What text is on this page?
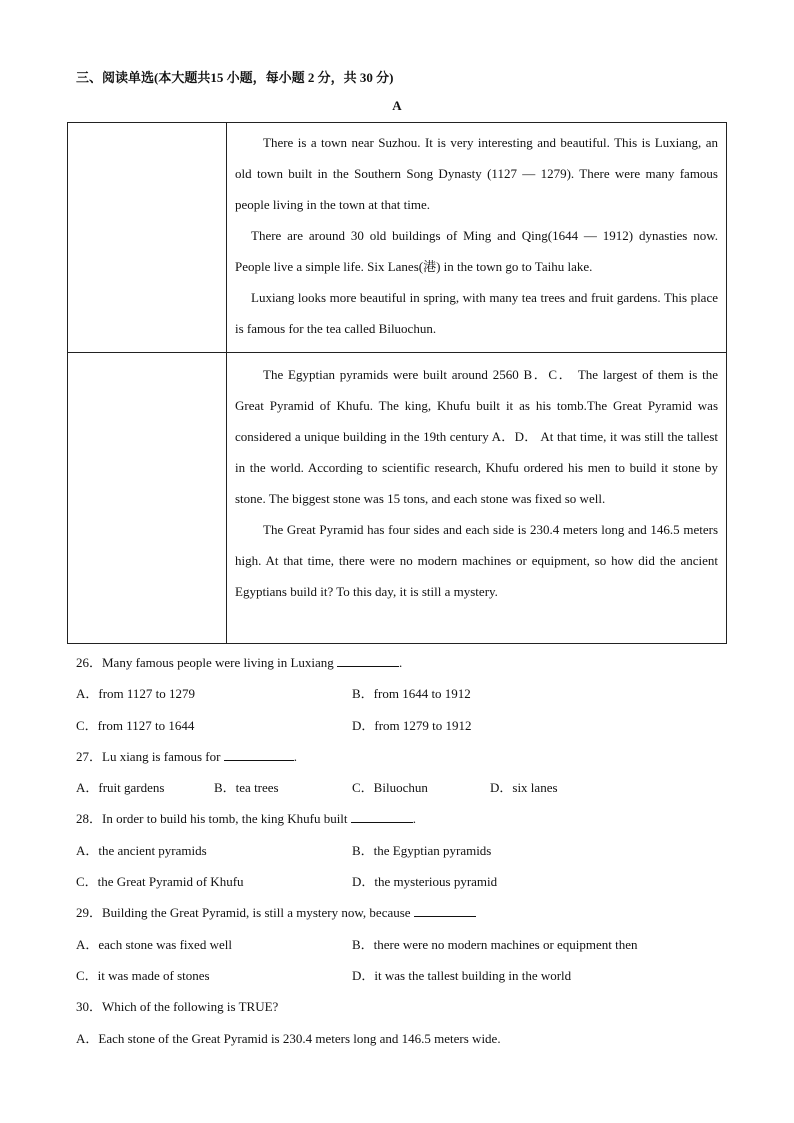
三、阅读单选(本大题共15 小题，每小题 2 分，共 30 分)
A

	There is a town near Suzhou. It is very interesting and beautiful. This is Luxiang, an old town built in the Southern Song Dynasty (1127 — 1279). There were many famous people living in the town at that time.

There are around 30 old buildings of Ming and Qing(1644 — 1912) dynasties now. People live a simple life. Six Lanes(港) in the town go to Taihu lake.

Luxiang looks more beautiful in spring, with many tea trees and fruit gardens. This place is famous for the tea called Biluochun.

	The Egyptian pyramids were built around 2560 B．C． The largest of them is the Great Pyramid of Khufu. The king, Khufu built it as his tomb.The Great Pyramid was considered a unique building in the 19th century A．D． At that time, it was still the tallest in the world. According to scientific research, Khufu ordered his men to build it stone by stone. The biggest stone was 15 tons, and each stone was fixed so well.

The Great Pyramid has four sides and each side is 230.4 meters long and 146.5 meters high. At that time, there were no modern machines or equipment, so how did the ancient Egyptians build it? To this day, it is still a mystery.

26．Many famous people were living in Luxiang	.
A．from 1127 to 1279	B．from 1644 to 1912
C．from 1127 to 1644	D．from 1279 to 1912
27．Lu xiang is famous for	.
A．fruit gardens	B．tea trees	C．Biluochun	D．six lanes
28．In order to build his tomb, the king Khufu built	.
A．the ancient pyramids	B．the Egyptian pyramids
C．the Great Pyramid of Khufu	D．the mysterious pyramid
29．Building the Great Pyramid, is still a mystery now, because
A．each stone was fixed well	B．there were no modern machines or equipment then
C．it was made of stones	D．it was the tallest building in the world
30．Which of the following is TRUE?
A．Each stone of the Great Pyramid is 230.4 meters long and 146.5 meters wide.
